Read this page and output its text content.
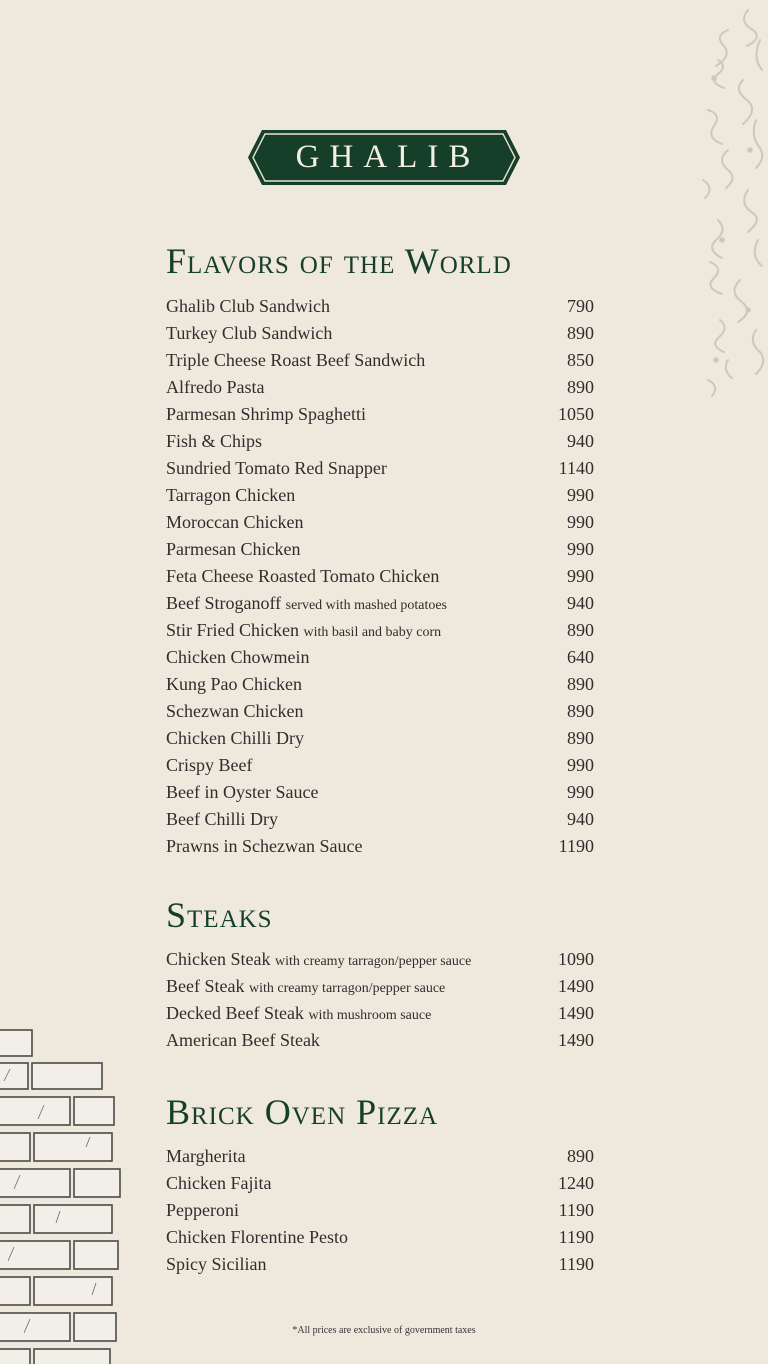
GHALIB
Flavors of the World
Ghalib Club Sandwich	790
Turkey Club Sandwich	890
Triple Cheese Roast Beef Sandwich	850
Alfredo Pasta	890
Parmesan Shrimp Spaghetti	1050
Fish & Chips	940
Sundried Tomato Red Snapper	1140
Tarragon Chicken	990
Moroccan Chicken	990
Parmesan Chicken	990
Feta Cheese Roasted Tomato Chicken	990
Beef Stroganoff served with mashed potatoes	940
Stir Fried Chicken with basil and baby corn	890
Chicken Chowmein	640
Kung Pao Chicken	890
Schezwan Chicken	890
Chicken Chilli Dry	890
Crispy Beef	990
Beef in Oyster Sauce	990
Beef Chilli Dry	940
Prawns in Schezwan Sauce	1190
Steaks
Chicken Steak with creamy tarragon/pepper sauce	1090
Beef Steak with creamy tarragon/pepper sauce	1490
Decked Beef Steak with mushroom sauce	1490
American Beef Steak	1490
Brick Oven Pizza
Margherita	890
Chicken Fajita	1240
Pepperoni	1190
Chicken Florentine Pesto	1190
Spicy Sicilian	1190
*All prices are exclusive of government taxes
